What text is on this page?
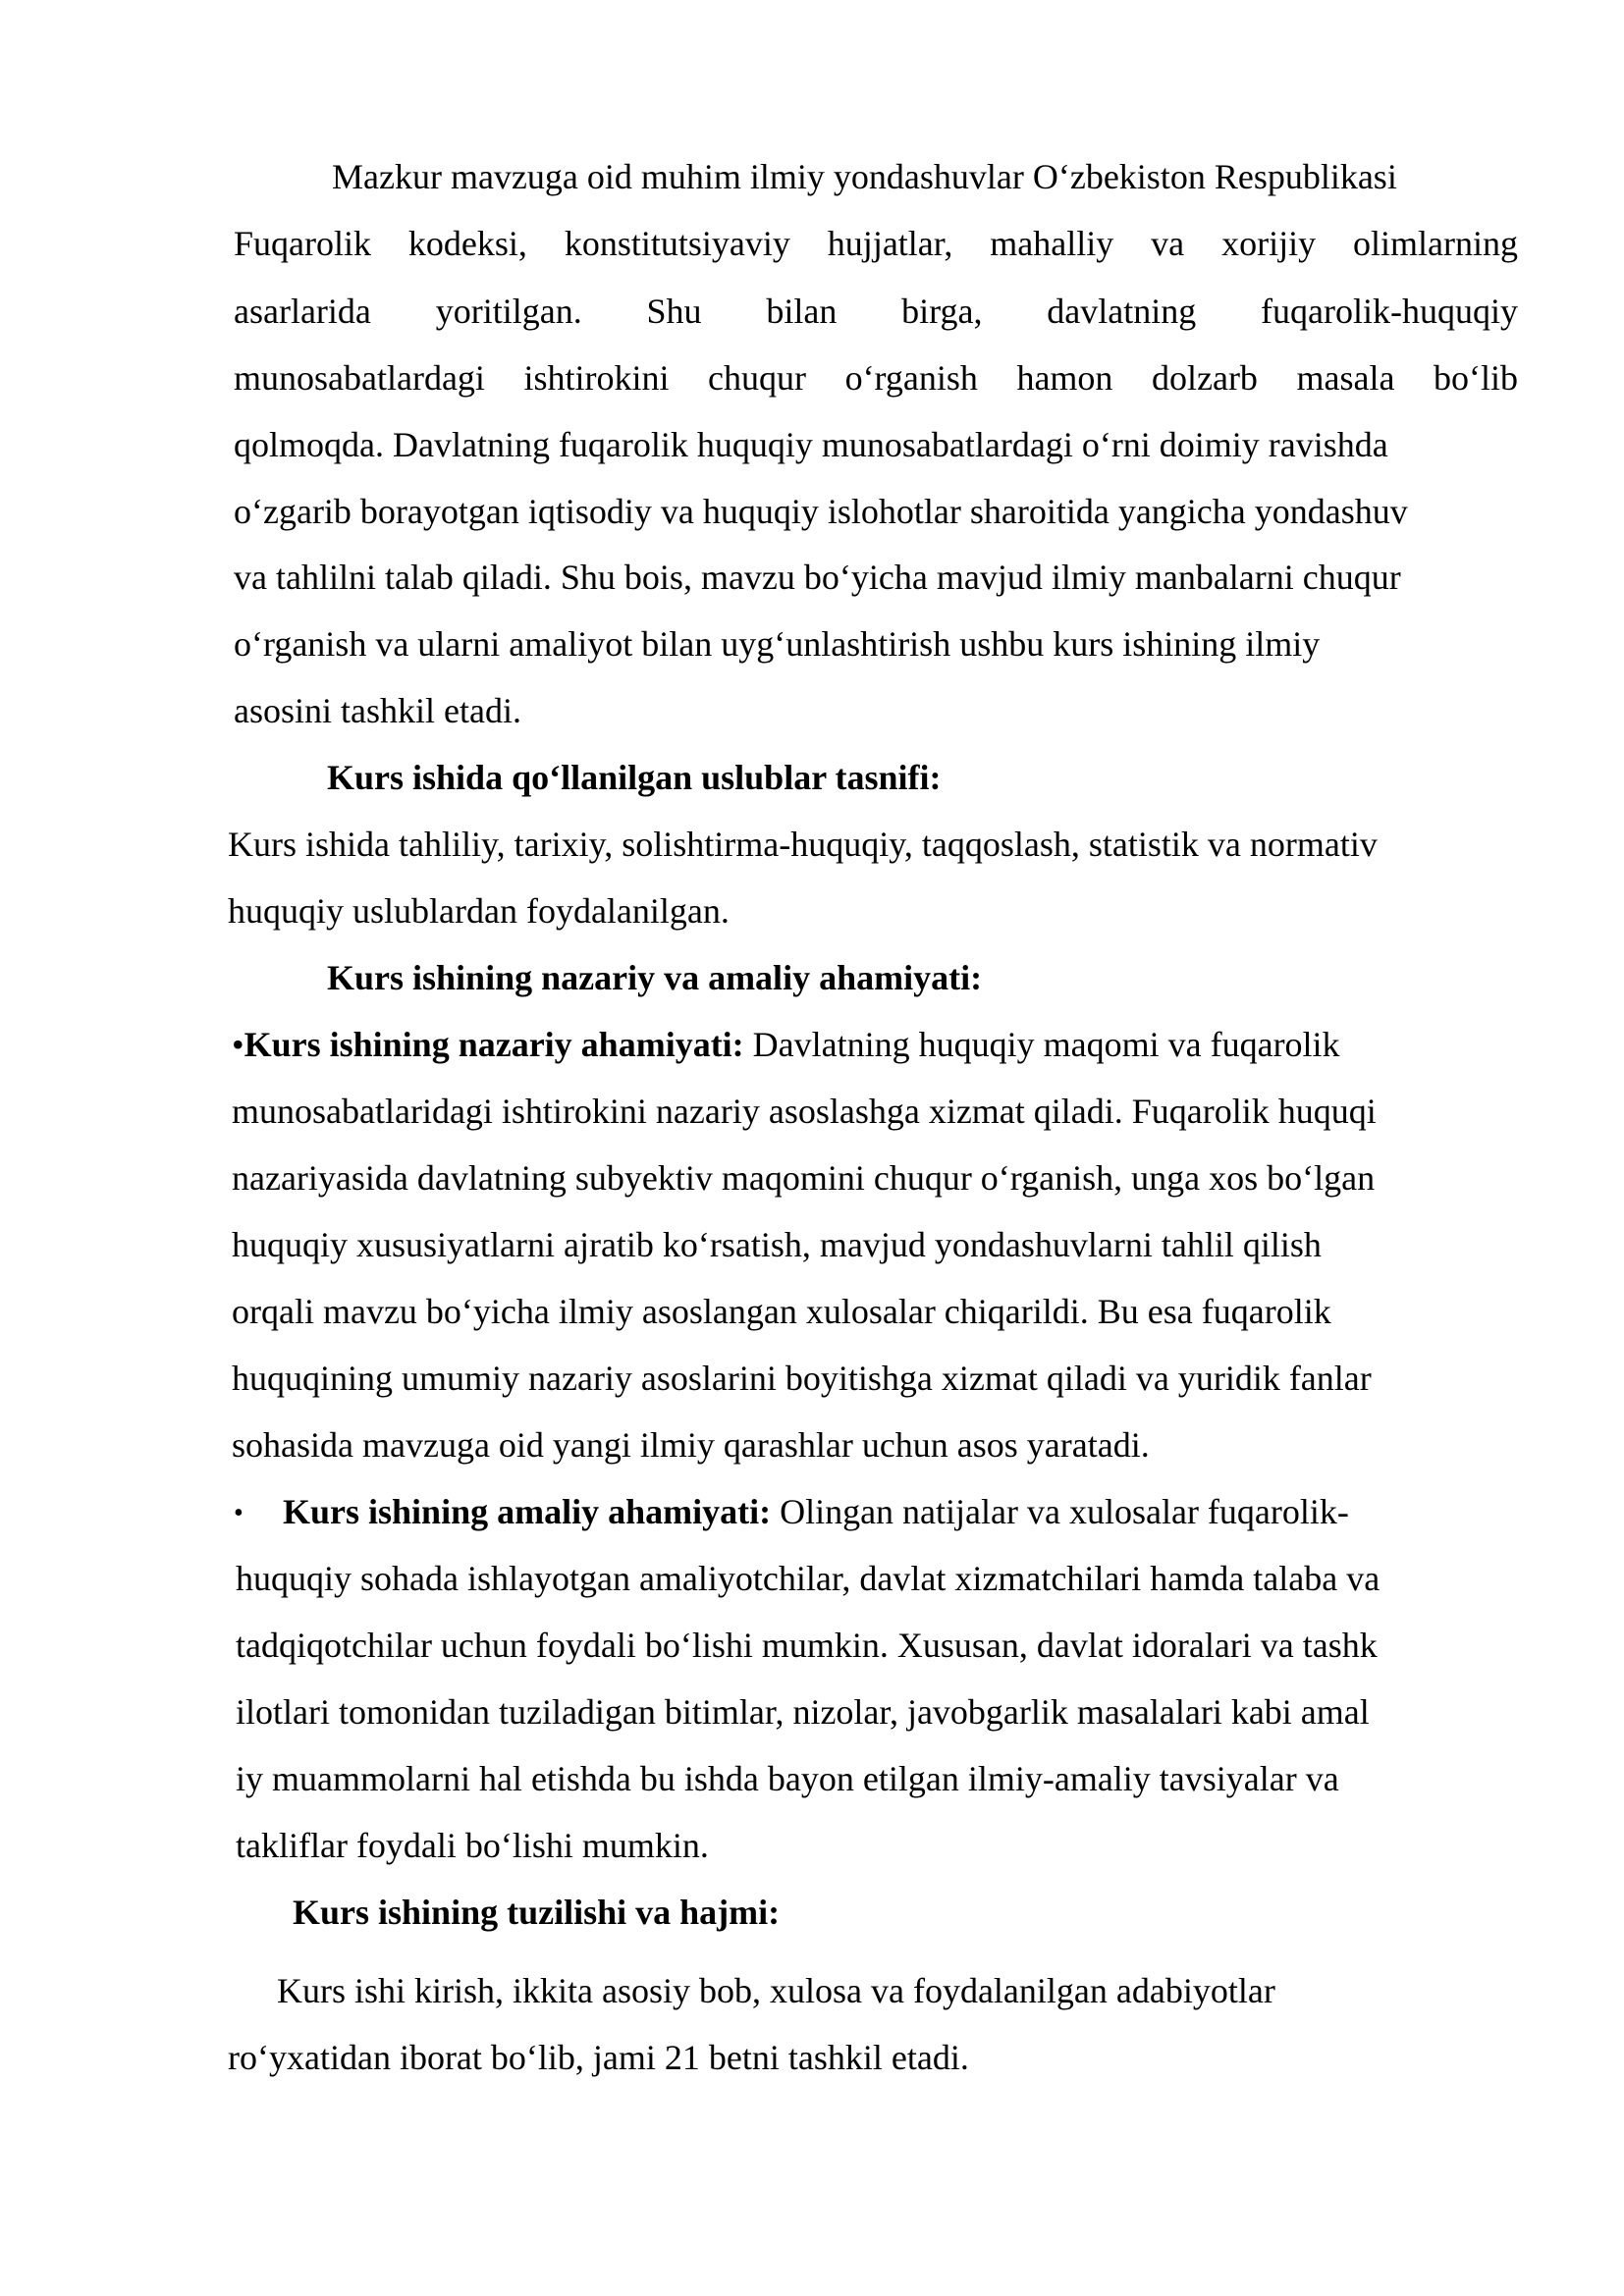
Mazkur mavzuga oid muhim ilmiy yondashuvlar O‘zbekiston Respublikasi

Fuqarolik kodeksi, konstitutsiyaviy hujjatlar, mahalliy va xorijiy olimlarning

asarlarida yoritilgan. Shu bilan birga, davlatning fuqarolik-huquqiy

munosabatlardagi ishtirokini chuqur o‘rganish hamon dolzarb masala bo‘lib

qolmoqda. Davlatning fuqarolik huquqiy munosabatlardagi o‘rni doimiy ravishda

o‘zgarib borayotgan iqtisodiy va huquqiy islohotlar sharoitida yangicha yondashuv

va tahlilni talab qiladi. Shu bois, mavzu bo‘yicha mavjud ilmiy manbalarni chuqur

o‘rganish va ularni amaliyot bilan uyg‘unlashtirish ushbu kurs ishining ilmiy

asosini tashkil etadi.

Kurs ishida qo‘llanilgan uslublar tasnifi:

Kurs ishida tahliliy, tarixiy, solishtirma-huquqiy, taqqoslash, statistik va normativ

huquqiy uslublardan foydalanilgan.

Kurs ishining nazariy va amaliy ahamiyati:

•Kurs ishining nazariy ahamiyati: Davlatning huquqiy maqomi va fuqarolik

munosabatlaridagi ishtirokini nazariy asoslashga xizmat qiladi. Fuqarolik huquqi

nazariyasida davlatning subyektiv maqomini chuqur o‘rganish, unga xos bo‘lgan

huquqiy xususiyatlarni ajratib ko‘rsatish, mavjud yondashuvlarni tahlil qilish

orqali mavzu bo‘yicha ilmiy asoslangan xulosalar chiqarildi. Bu esa fuqarolik

huquqining umumiy nazariy asoslarini boyitishga xizmat qiladi va yuridik fanlar

sohasida mavzuga oid yangi ilmiy qarashlar uchun asos yaratadi.

• Kurs ishining amaliy ahamiyati: Olingan natijalar va xulosalar fuqarolik-

huquqiy sohada ishlayotgan amaliyotchilar, davlat xizmatchilari hamda talaba va

tadqiqotchilar uchun foydali bo‘lishi mumkin. Xususan, davlat idoralari va tashk

ilotlari tomonidan tuziladigan bitimlar, nizolar, javobgarlik masalalari kabi amal

iy muammolarni hal etishda bu ishda bayon etilgan ilmiy-amaliy tavsiyalar va

takliflar foydali bo‘lishi mumkin.

Kurs ishining tuzilishi va hajmi:

Kurs ishi kirish, ikkita asosiy bob, xulosa va foydalanilgan adabiyotlar

ro‘yxatidan iborat bo‘lib, jami 21 betni tashkil etadi.
